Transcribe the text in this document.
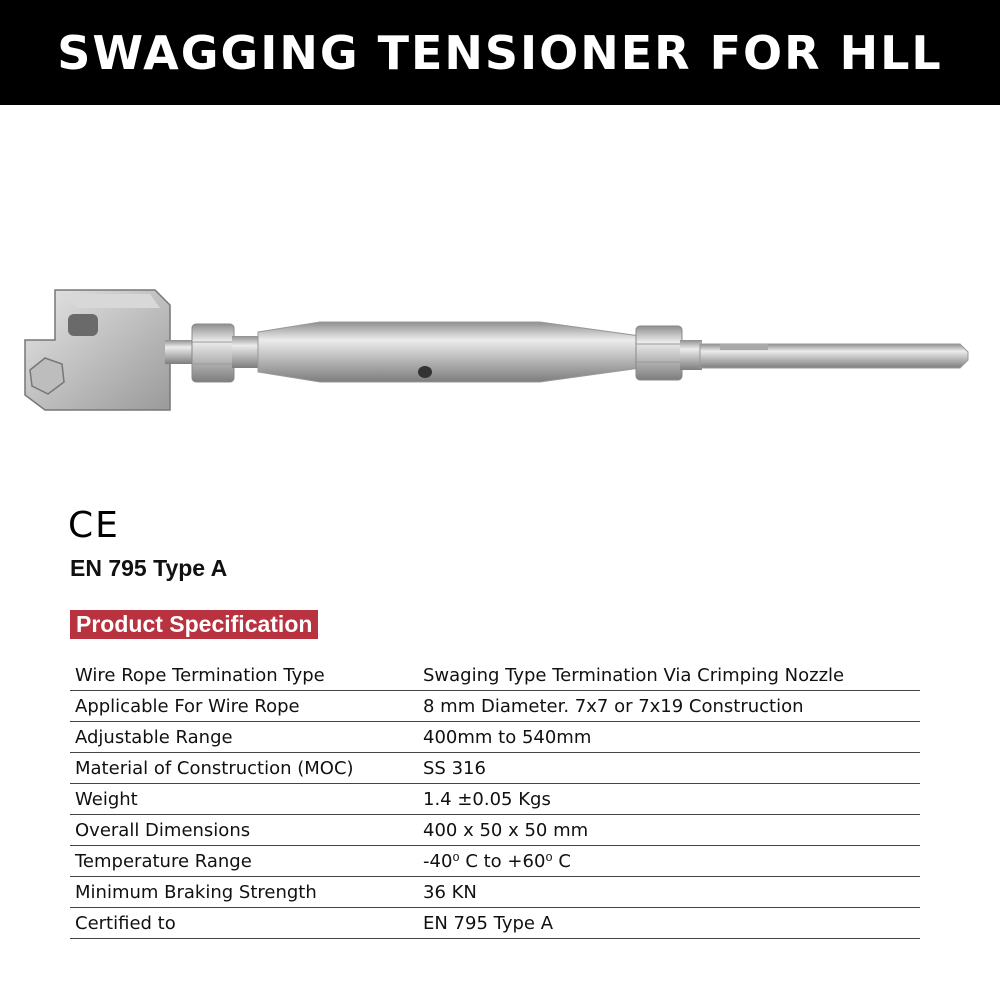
SWAGGING TENSIONER FOR HLL
CE
EN 795 Type A
Product Specification
Wire Rope Termination Type	Swaging Type Termination Via Crimping Nozzle
Applicable For Wire Rope	8 mm Diameter. 7x7 or 7x19 Construction
Adjustable Range	400mm to 540mm
Material of Construction (MOC)	SS 316
Weight	1.4 ±0.05 Kgs
Overall Dimensions	400 x 50 x 50 mm
Temperature Range	-40⁰ C to +60⁰ C
Minimum Braking Strength	36 KN
Certified to	EN 795 Type A
